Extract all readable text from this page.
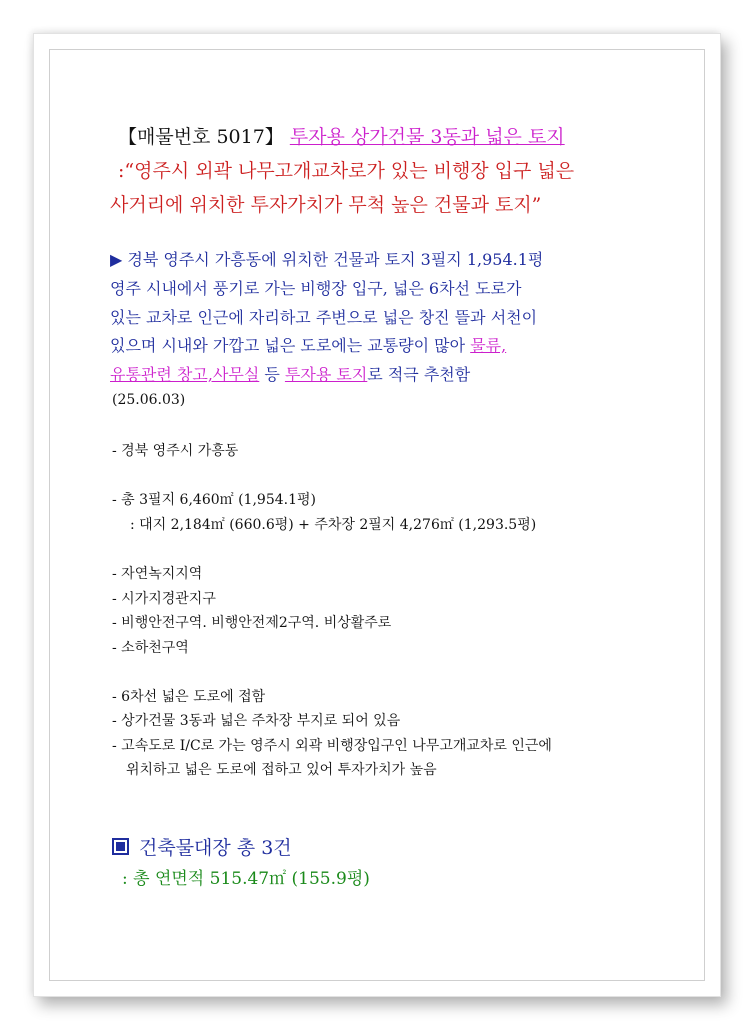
【매물번호 5017】 투자용 상가건물 3동과 넓은 토지
:“영주시 외곽 나무고개교차로가 있는 비행장 입구 넓은
사거리에 위치한 투자가치가 무척 높은 건물과 토지”
▶ 경북 영주시 가흥동에 위치한 건물과 토지 3필지 1,954.1평
영주 시내에서 풍기로 가는 비행장 입구, 넓은 6차선 도로가
있는 교차로 인근에 자리하고 주변으로 넓은 창진 뜰과 서천이
있으며 시내와 가깝고 넓은 도로에는 교통량이 많아 물류,
유통관련 창고,사무실 등 투자용 토지로 적극 추천함
(25.06.03)
- 경북 영주시 가흥동
- 총 3필지 6,460㎡ (1,954.1평)
: 대지 2,184㎡ (660.6평) + 주차장 2필지 4,276㎡ (1,293.5평)
- 자연녹지지역
- 시가지경관지구
- 비행안전구역. 비행안전제2구역. 비상활주로
- 소하천구역
- 6차선 넓은 도로에 접함
- 상가건물 3동과 넓은 주차장 부지로 되어 있음
- 고속도로 I/C로 가는 영주시 외곽 비행장입구인 나무고개교차로 인근에
위치하고 넓은 도로에 접하고 있어 투자가치가 높음
건축물대장 총 3건
: 총 연면적 515.47㎡ (155.9평)
